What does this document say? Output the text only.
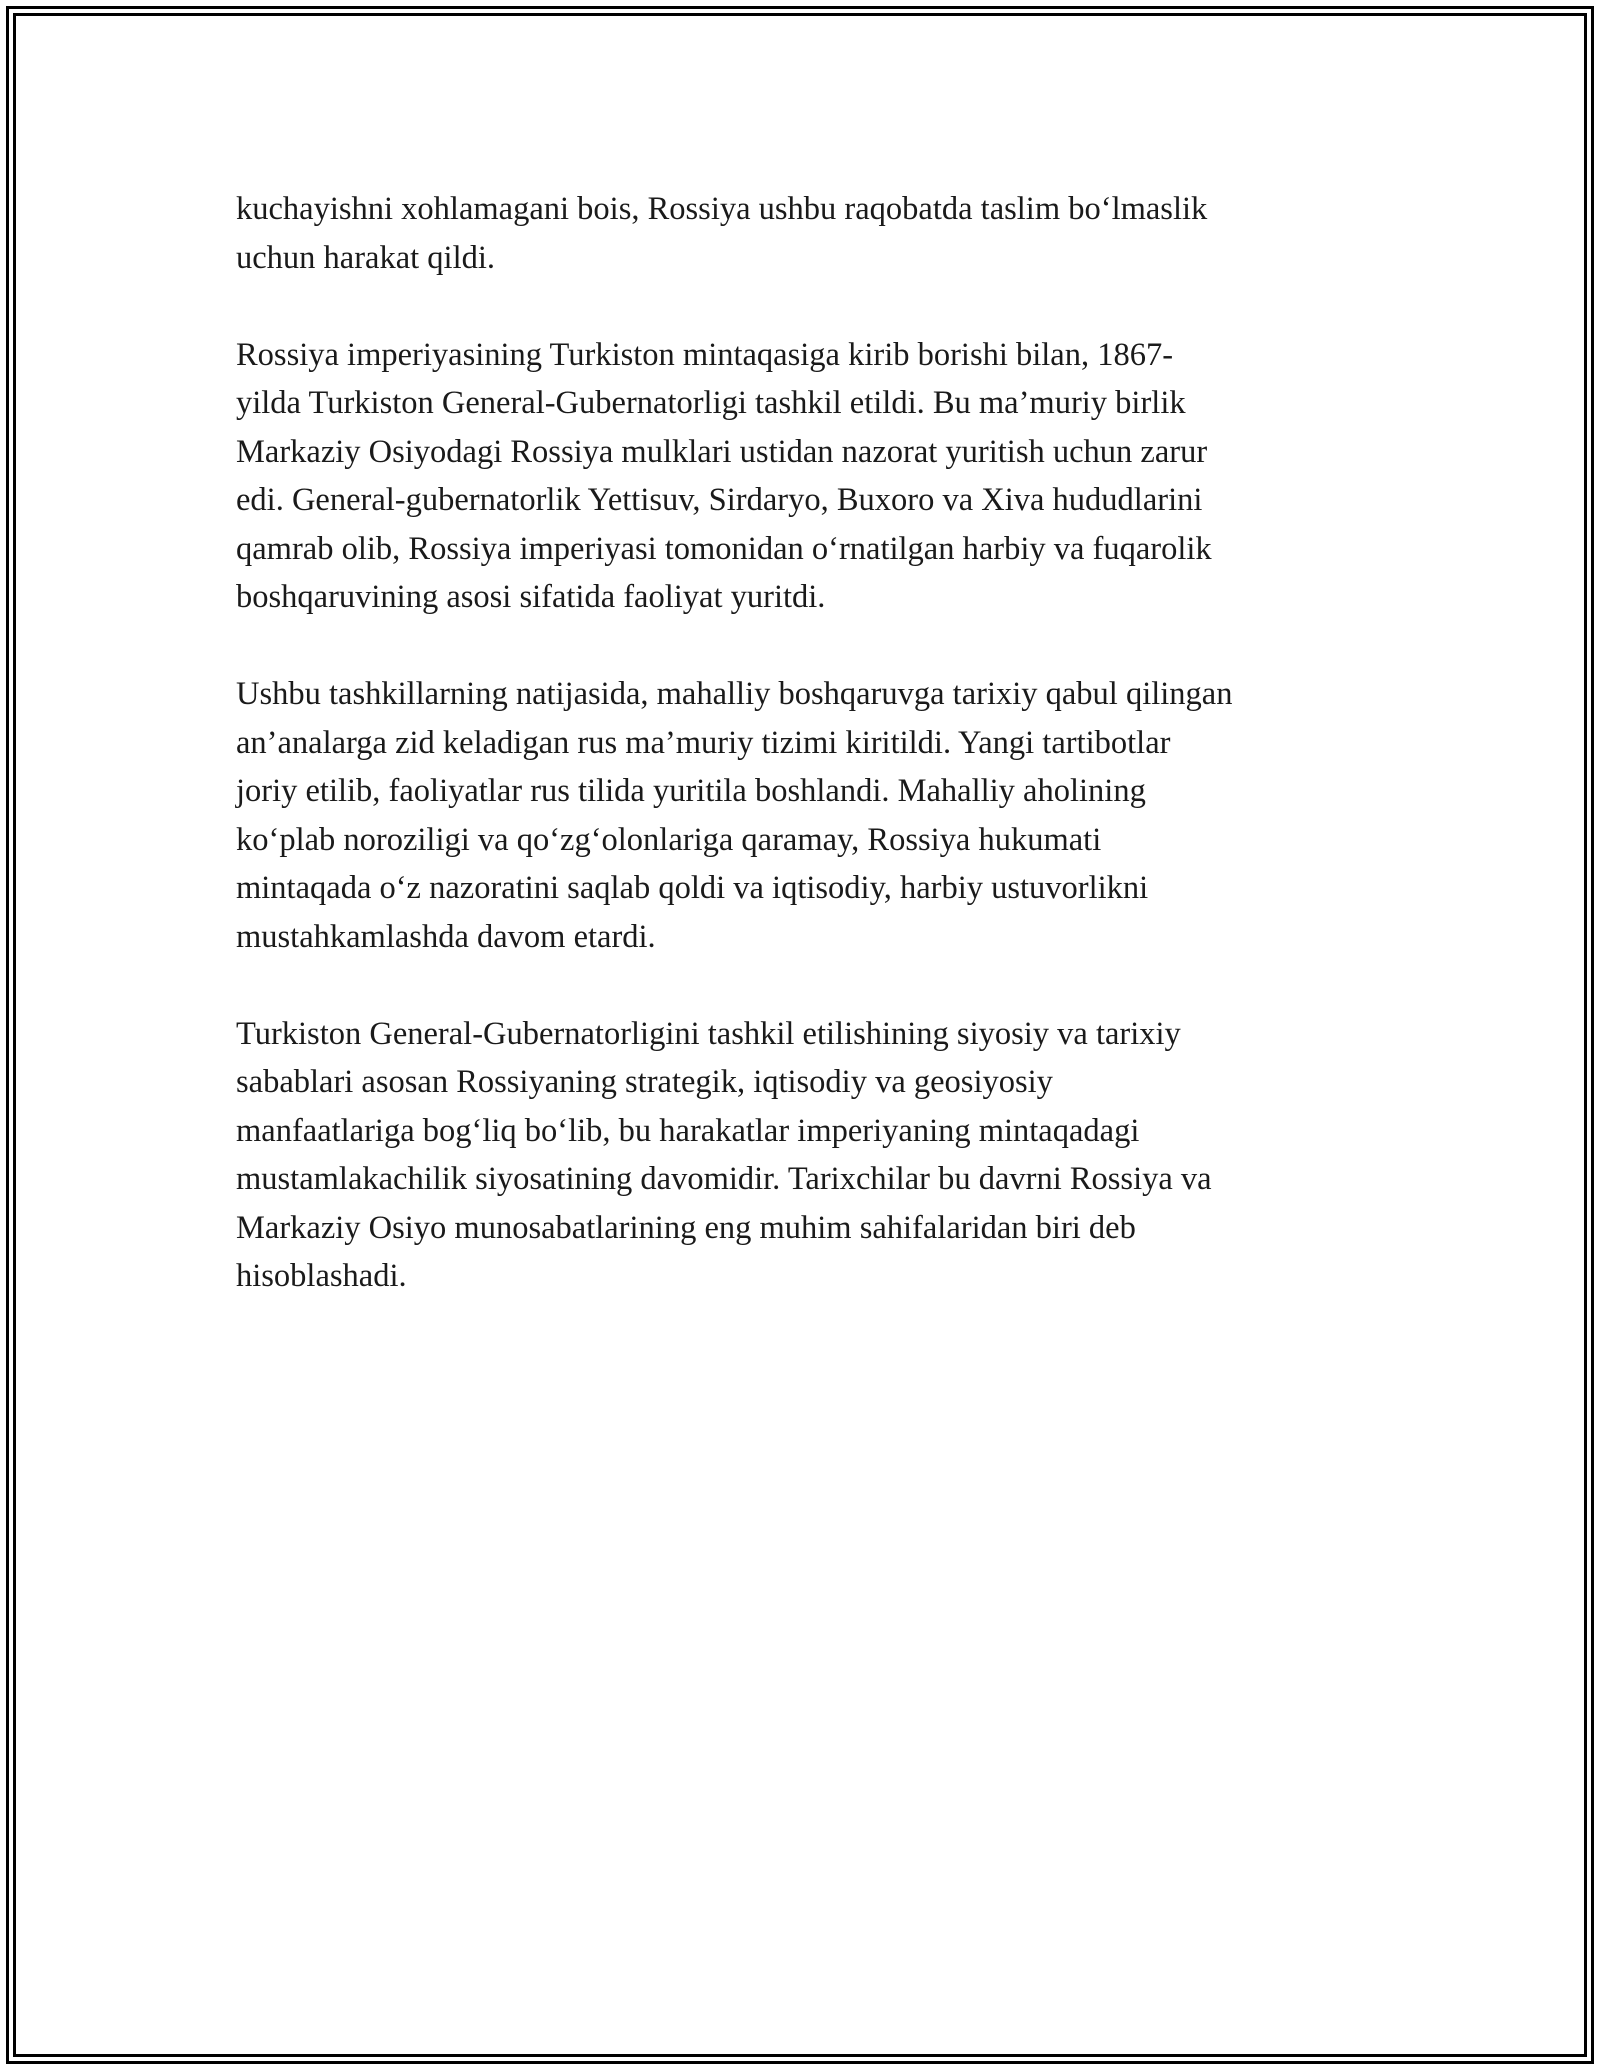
kuchayishni xohlamagani bois, Rossiya ushbu raqobatda taslim bo‘lmaslik
uchun harakat qildi.

Rossiya imperiyasining Turkiston mintaqasiga kirib borishi bilan, 1867-
yilda Turkiston General-Gubernatorligi tashkil etildi. Bu ma’muriy birlik
Markaziy Osiyodagi Rossiya mulklari ustidan nazorat yuritish uchun zarur
edi. General-gubernatorlik Yettisuv, Sirdaryo, Buxoro va Xiva hududlarini
qamrab olib, Rossiya imperiyasi tomonidan o‘rnatilgan harbiy va fuqarolik
boshqaruvining asosi sifatida faoliyat yuritdi.

Ushbu tashkillarning natijasida, mahalliy boshqaruvga tarixiy qabul qilingan
an’analarga zid keladigan rus ma’muriy tizimi kiritildi. Yangi tartibotlar
joriy etilib, faoliyatlar rus tilida yuritila boshlandi. Mahalliy aholining
ko‘plab noroziligi va qo‘zg‘olonlariga qaramay, Rossiya hukumati
mintaqada o‘z nazoratini saqlab qoldi va iqtisodiy, harbiy ustuvorlikni
mustahkamlashda davom etardi.

Turkiston General-Gubernatorligini tashkil etilishining siyosiy va tarixiy
sabablari asosan Rossiyaning strategik, iqtisodiy va geosiyosiy
manfaatlariga bog‘liq bo‘lib, bu harakatlar imperiyaning mintaqadagi
mustamlakachilik siyosatining davomidir. Tarixchilar bu davrni Rossiya va
Markaziy Osiyo munosabatlarining eng muhim sahifalaridan biri deb
hisoblashadi.
